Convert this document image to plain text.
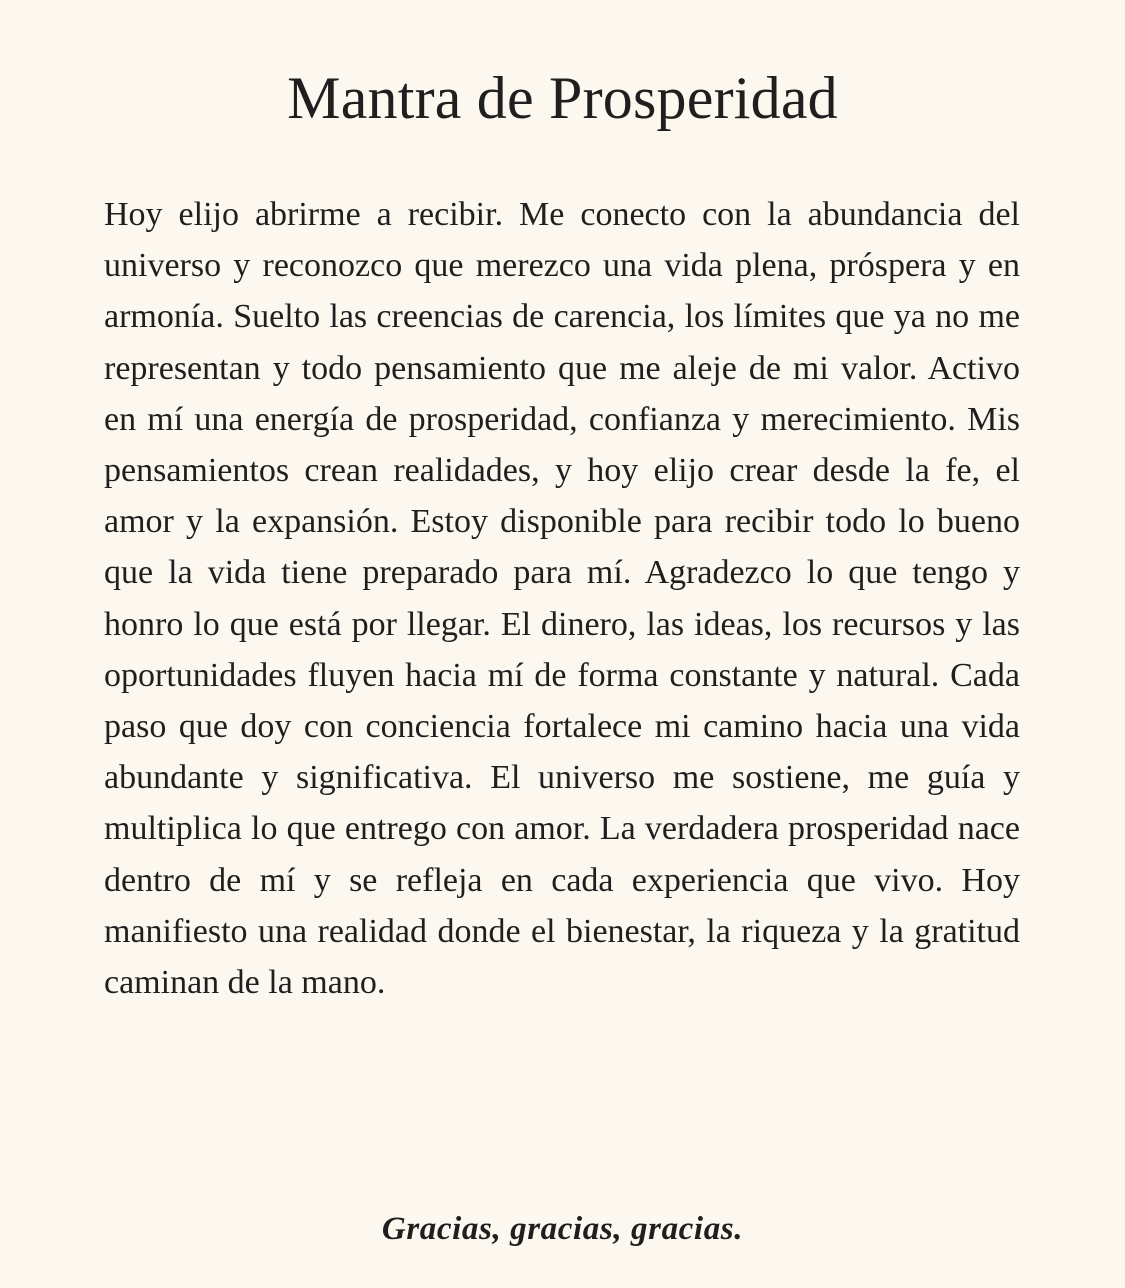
Mantra de Prosperidad

Hoy elijo abrirme a recibir. Me conecto con la abundancia del universo y reconozco que merezco una vida plena, próspera y en armonía. Suelto las creencias de carencia, los límites que ya no me representan y todo pensamiento que me aleje de mi valor. Activo en mí una energía de prosperidad, confianza y merecimiento. Mis pensamientos crean realidades, y hoy elijo crear desde la fe, el amor y la expansión. Estoy disponible para recibir todo lo bueno que la vida tiene preparado para mí. Agradezco lo que tengo y honro lo que está por llegar. El dinero, las ideas, los recursos y las oportunidades fluyen hacia mí de forma constante y natural. Cada paso que doy con conciencia fortalece mi camino hacia una vida abundante y significativa. El universo me sostiene, me guía y multiplica lo que entrego con amor. La verdadera prosperidad nace dentro de mí y se refleja en cada experiencia que vivo. Hoy manifiesto una realidad donde el bienestar, la riqueza y la gratitud caminan de la mano.

Gracias, gracias, gracias.
